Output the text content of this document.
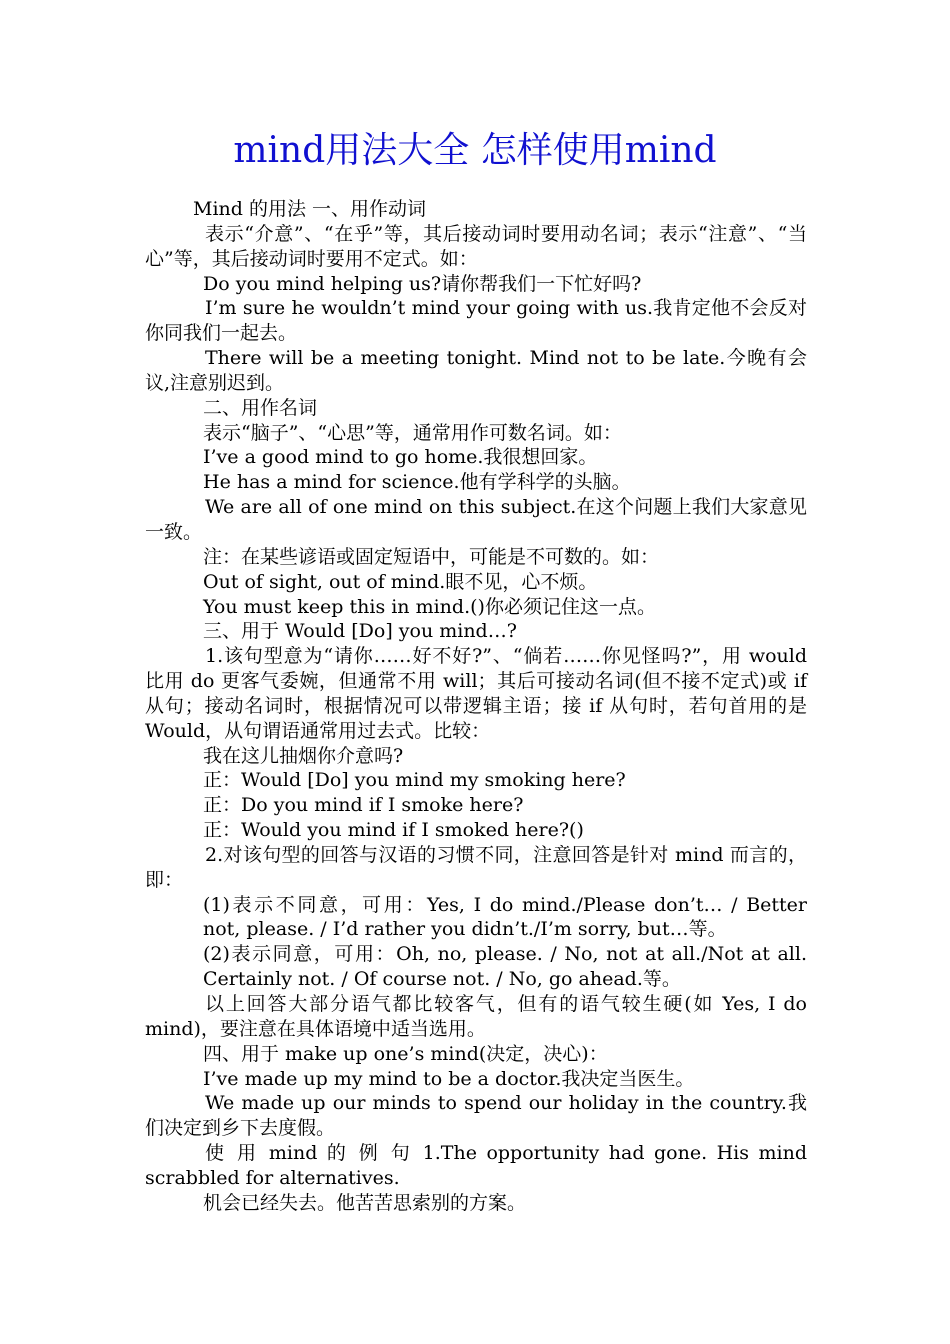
mind用法大全 怎样使用mind

Mind 的用法 一、用作动词

表示“介意”、“在乎”等，其后接动词时要用动名词；表示“注意”、“当心”等，其后接动词时要用不定式。如：

Do you mind helping us?请你帮我们一下忙好吗?

I’m sure he wouldn’t mind your going with us.我肯定他不会反对你同我们一起去。

There will be a meeting tonight. Mind not to be late.今晚有会议,注意别迟到。

二、用作名词

表示“脑子”、“心思”等，通常用作可数名词。如：

I’ve a good mind to go home.我很想回家。

He has a mind for science.他有学科学的头脑。

We are all of one mind on this subject.在这个问题上我们大家意见一致。

注：在某些谚语或固定短语中，可能是不可数的。如：

Out of sight, out of mind.眼不见，心不烦。

You must keep this in mind.()你必须记住这一点。

三、用于 Would [Do] you mind…?

1.该句型意为“请你……好不好?”、“倘若……你见怪吗?”，用 would 比用 do 更客气委婉，但通常不用 will；其后可接动名词(但不接不定式)或 if 从句；接动名词时，根据情况可以带逻辑主语；接 if 从句时，若句首用的是 Would，从句谓语通常用过去式。比较：

我在这儿抽烟你介意吗?

正：Would [Do] you mind my smoking here?

正：Do you mind if I smoke here?

正：Would you mind if I smoked here?()

2.对该句型的回答与汉语的习惯不同，注意回答是针对 mind 而言的，即：

(1)表示不同意，可用：Yes, I do mind./Please don’t… / Better not, please. / I’d rather you didn’t./I’m sorry, but…等。

(2)表示同意，可用：Oh, no, please. / No, not at all./Not at all. Certainly not. / Of course not. / No, go ahead.等。

以上回答大部分语气都比较客气，但有的语气较生硬(如 Yes, I do mind)，要注意在具体语境中适当选用。

四、用于 make up one’s mind(决定，决心)：

I’ve made up my mind to be a doctor.我决定当医生。

We made up our minds to spend our holiday in the country.我们决定到乡下去度假。

使 用 mind 的 例 句 1.The opportunity had gone. His mind scrabbled for alternatives.

机会已经失去。他苦苦思索别的方案。
